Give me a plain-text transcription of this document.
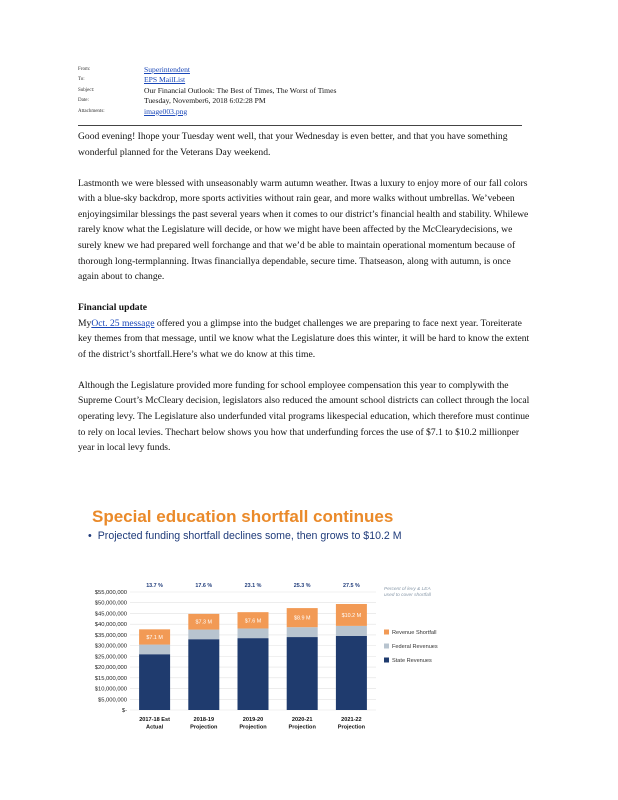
From:	Superintendent
To:	EPS MailList
Subject:	Our Financial Outlook: The Best of Times, The Worst of Times
Date:	Tuesday, November6, 2018 6:02:28 PM
Attachments:	image003.png

Good evening! Ihope your Tuesday went well, that your Wednesday is even better, and that you have something wonderful planned for the Veterans Day weekend.

Lastmonth we were blessed with unseasonably warm autumn weather. Itwas a luxury to enjoy more of our fall colors with a blue-sky backdrop, more sports activities without rain gear, and more walks without umbrellas. We’vebeen enjoyingsimilar blessings the past several years when it comes to our district’s financial health and stability. Whilewe rarely know what the Legislature will decide, or how we might have been affected by the McClearydecisions, we surely knew we had prepared well forchange and that we’d be able to maintain operational momentum because of thorough long-termplanning. Itwas financiallya dependable, secure time. Thatseason, along with autumn, is once again about to change.

Financial update

MyOct. 25 message offered you a glimpse into the budget challenges we are preparing to face next year. Toreiterate key themes from that message, until we know what the Legislature does this winter, it will be hard to know the extent of the district’s shortfall.Here’s what we do know at this time.

Although the Legislature provided more funding for school employee compensation this year to complywith the Supreme Court’s McCleary decision, legislators also reduced the amount school districts can collect through the local operating levy. The Legislature also underfunded vital programs likespecial education, which therefore must continue to rely on local levies. Thechart below shows you how that underfunding forces the use of $7.1 to $10.2 millionper year in local levy funds.

Special education shortfall continues
• Projected funding shortfall declines some, then grows to $10.2 M
$55,000,000
$50,000,000
$45,000,000
$40,000,000
$35,000,000
$30,000,000
$25,000,000
$20,000,000
$15,000,000
$10,000,000
$5,000,000
$-
$7.1 M
$7.3 M	$7.6 M	$8.9 M	$10.2 M
2017-18 Est
Actual
2018-19
Projection
2019-20
Projection
2020-21
Projection
2021-22
Projection
13.7 %	17.6 %	23.1 %	25.3 %	27.5 %
Revenue Shortfall
Federal Revenues
State Revenues
Percent of levy & LEA
used to cover shortfall
